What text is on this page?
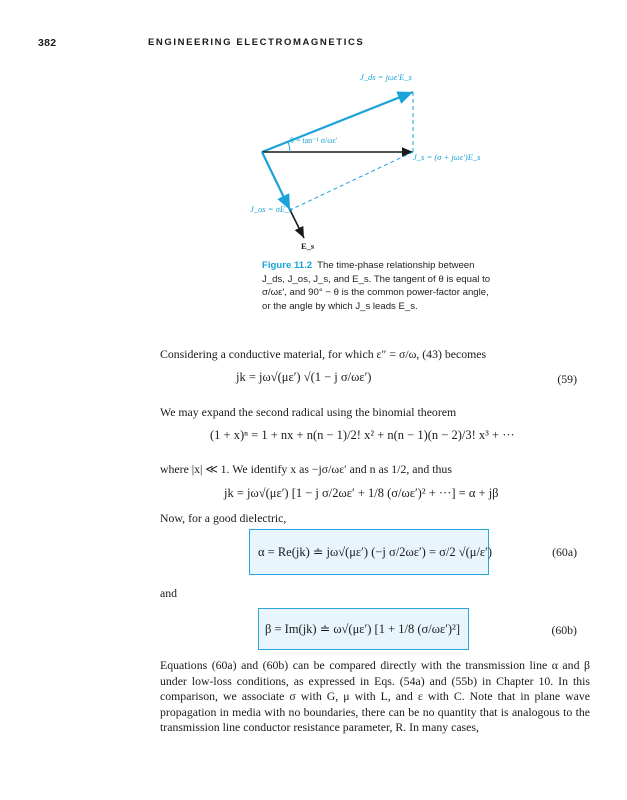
382	ENGINEERING ELECTROMAGNETICS
J_ds = jωε′E_s
θ = tan⁻¹ σ/ωε′
J_s = (σ + jωε′)E_s
J_os = σE_s
E_s
Figure 11.2 The time-phase relationship between J_ds, J_os, J_s, and E_s. The tangent of θ is equal to σ/ωε′, and 90° − θ is the common power-factor angle, or the angle by which J_s leads E_s.
Considering a conductive material, for which ε″ = σ/ω, (43) becomes
jk = jω√(με′) √(1 − j σ/ωε′)	(59)
We may expand the second radical using the binomial theorem
(1 + x)ⁿ = 1 + nx + n(n − 1)/2! x² + n(n − 1)(n − 2)/3! x³ + ···
where |x| ≪ 1. We identify x as −jσ/ωε′ and n as 1/2, and thus
jk = jω√(με′) [1 − j σ/2ωε′ + 1/8 (σ/ωε′)² + ···] = α + jβ
Now, for a good dielectric,
α = Re(jk) ≐ jω√(με′) (−j σ/2ωε′) = σ/2 √(μ/ε′)	(60a)
and
β = Im(jk) ≐ ω√(με′) [1 + 1/8 (σ/ωε′)²]	(60b)
Equations (60a) and (60b) can be compared directly with the transmission line α and β under low-loss conditions, as expressed in Eqs. (54a) and (55b) in Chapter 10. In this comparison, we associate σ with G, μ with L, and ε with C. Note that in plane wave propagation in media with no boundaries, there can be no quantity that is analogous to the transmission line conductor resistance parameter, R. In many cases,
